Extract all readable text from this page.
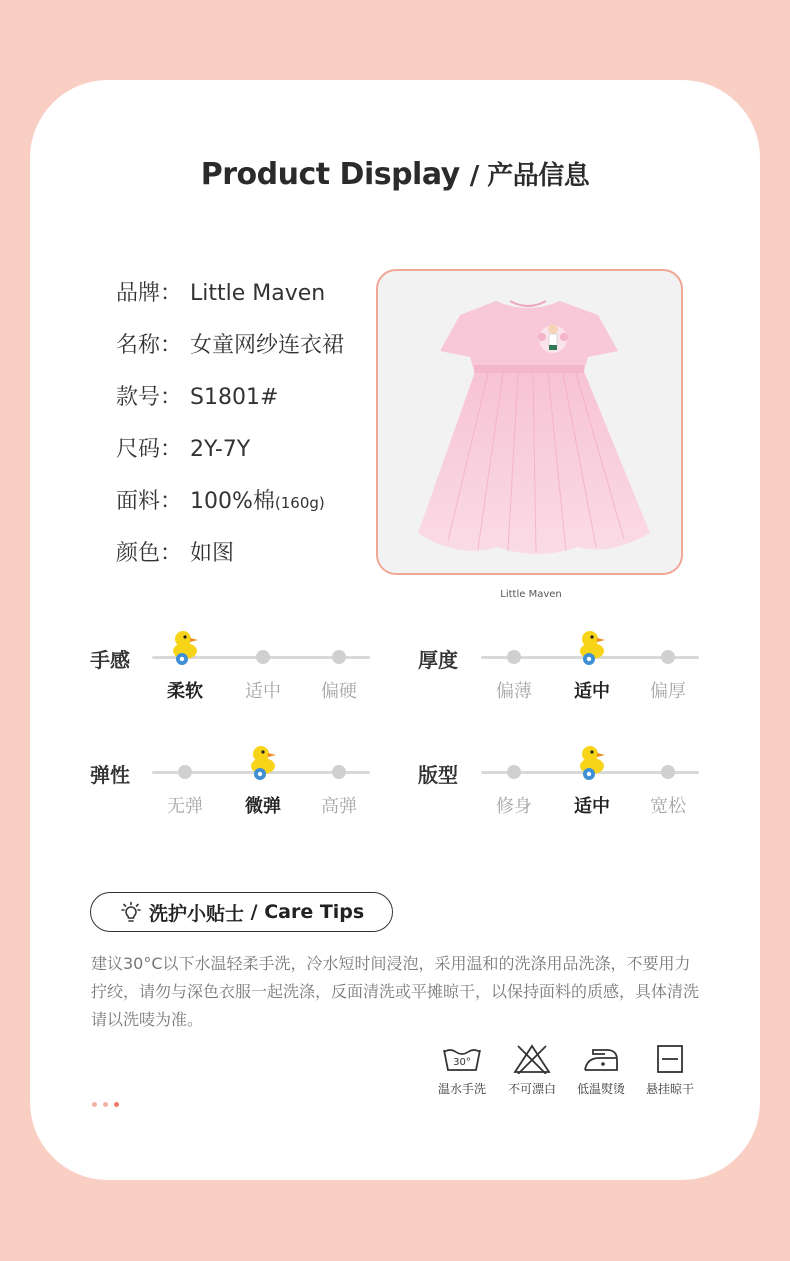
Product Display / 产品信息
品牌： Little Maven
名称： 女童网纱连衣裙
款号： S1801#
尺码： 2Y-7Y
面料： 100%棉(160g)
颜色： 如图
Little Maven
手感
柔软	适中	偏硬
厚度
偏薄	适中	偏厚
弹性
无弹	微弹	高弹
版型
修身	适中	宽松
洗护小贴士
/ Care Tips
建议30°C以下水温轻柔手洗，冷水短时间浸泡，采用温和的洗涤用品洗涤，不要用力拧绞，请勿与深色衣服一起洗涤，反面清洗或平摊晾干，以保持面料的质感，具体清洗请以洗唛为准。
30°
温水手洗	不可漂白	低温熨烫	悬挂晾干
